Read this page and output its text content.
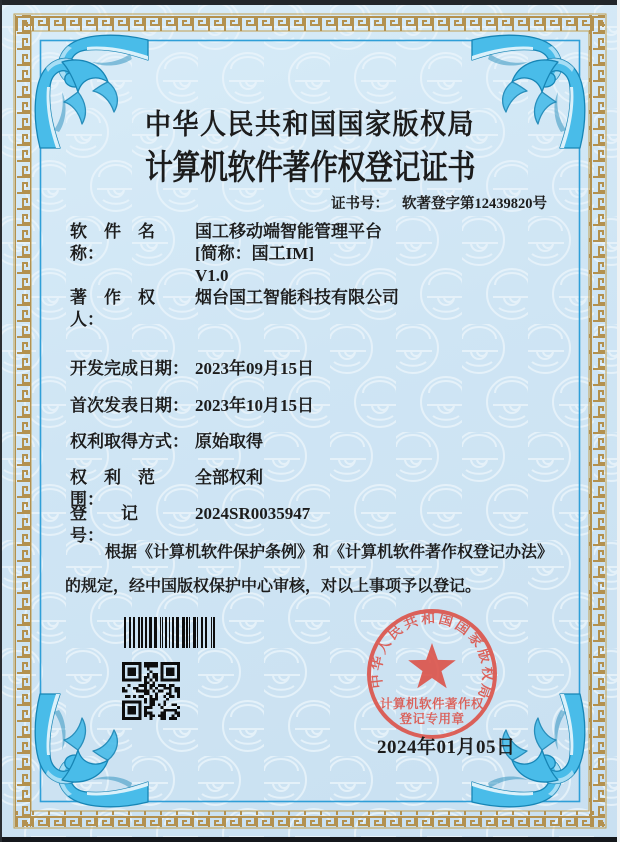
中华人民共和国国家版权局
计算机软件著作权登记证书
证书号： 软著登字第12439820号
软　件　名　称：
国工移动端智能管理平台
[简称：国工IM]
V1.0
著　作　权　人：烟台国工智能科技有限公司
开发完成日期： 2023年09月15日
首次发表日期： 2023年10月15日
权利取得方式： 原始取得
权　利　范　围：全部权利
登　　记　　号：2024SR0035947
根据《计算机软件保护条例》和《计算机软件著作权登记办法》的规定，经中国版权保护中心审核，对以上事项予以登记。
中华人民共和国国家版权局
计算机软件著作权
登记专用章
2024年01月05日
